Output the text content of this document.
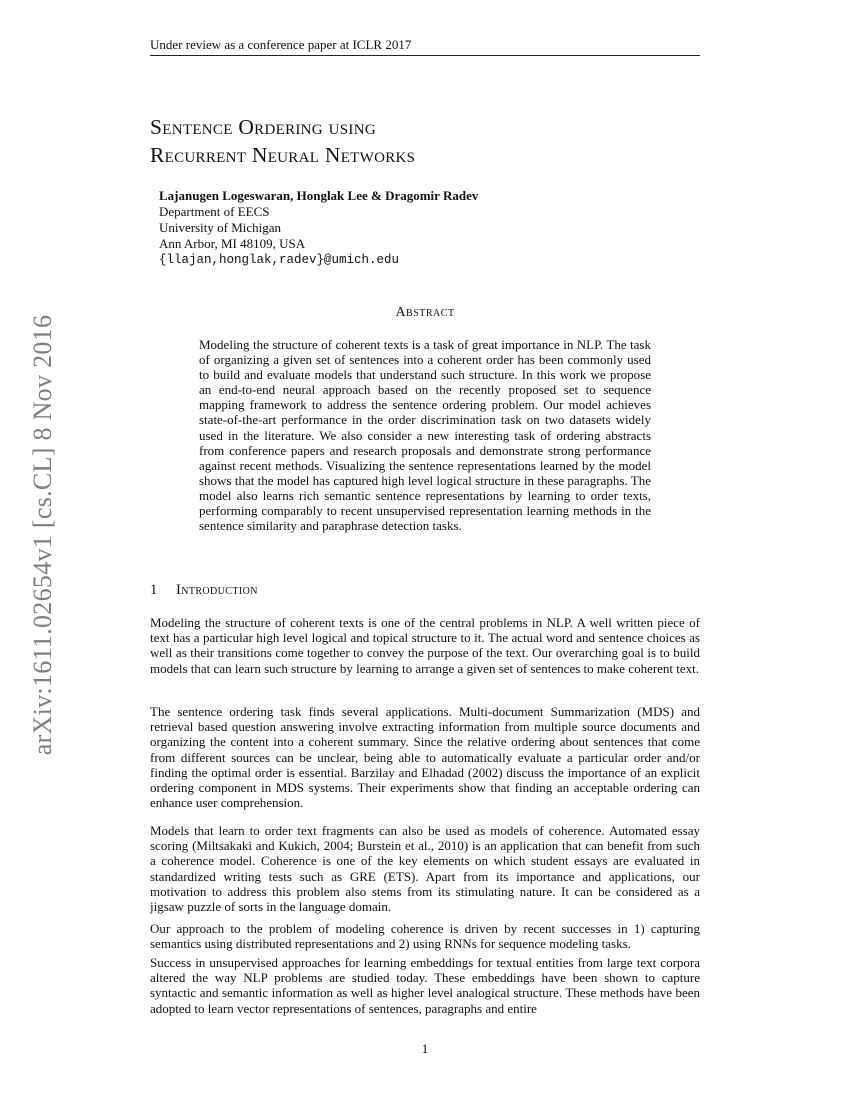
Under review as a conference paper at ICLR 2017
arXiv:1611.02654v1 [cs.CL] 8 Nov 2016
Sentence Ordering using
Recurrent Neural Networks
Lajanugen Logeswaran, Honglak Lee & Dragomir Radev
Department of EECS
University of Michigan
Ann Arbor, MI 48109, USA
{llajan,honglak,radev}@umich.edu
Abstract
Modeling the structure of coherent texts is a task of great importance in NLP. The task of organizing a given set of sentences into a coherent order has been commonly used to build and evaluate models that understand such structure. In this work we propose an end-to-end neural approach based on the recently proposed set to sequence mapping framework to address the sentence ordering problem. Our model achieves state-of-the-art performance in the order discrimination task on two datasets widely used in the literature. We also consider a new interesting task of ordering abstracts from conference papers and research proposals and demonstrate strong performance against recent methods. Visualizing the sentence representations learned by the model shows that the model has captured high level logical structure in these paragraphs. The model also learns rich semantic sentence representations by learning to order texts, performing comparably to recent unsupervised representation learning methods in the sentence similarity and paraphrase detection tasks.
1 Introduction
Modeling the structure of coherent texts is one of the central problems in NLP. A well written piece of text has a particular high level logical and topical structure to it. The actual word and sentence choices as well as their transitions come together to convey the purpose of the text. Our overarching goal is to build models that can learn such structure by learning to arrange a given set of sentences to make coherent text.
The sentence ordering task finds several applications. Multi-document Summarization (MDS) and retrieval based question answering involve extracting information from multiple source documents and organizing the content into a coherent summary. Since the relative ordering about sentences that come from different sources can be unclear, being able to automatically evaluate a particular order and/or finding the optimal order is essential. Barzilay and Elhadad (2002) discuss the importance of an explicit ordering component in MDS systems. Their experiments show that finding an acceptable ordering can enhance user comprehension.
Models that learn to order text fragments can also be used as models of coherence. Automated essay scoring (Miltsakaki and Kukich, 2004; Burstein et al., 2010) is an application that can benefit from such a coherence model. Coherence is one of the key elements on which student essays are evaluated in standardized writing tests such as GRE (ETS). Apart from its importance and applications, our motivation to address this problem also stems from its stimulating nature. It can be considered as a jigsaw puzzle of sorts in the language domain.
Our approach to the problem of modeling coherence is driven by recent successes in 1) capturing semantics using distributed representations and 2) using RNNs for sequence modeling tasks.
Success in unsupervised approaches for learning embeddings for textual entities from large text corpora altered the way NLP problems are studied today. These embeddings have been shown to capture syntactic and semantic information as well as higher level analogical structure. These methods have been adopted to learn vector representations of sentences, paragraphs and entire
1
